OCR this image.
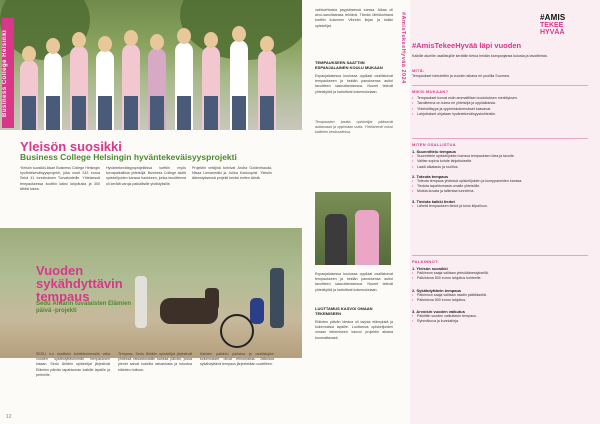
Business College Helsinki
Yleisön suosikki
Business College Helsingin hyväntekeväisyysprojekti

Yleisön suosikki-kisan Business College Helsingin hyväntekeväisyysprojekti, joka nosti 243 euroa Sekä 41 tonniiruksen Turvakodeille. Yhteisessä tempauksessa koottiin kaksi lahjoitusta ja 300 tähtiä tukea.

Hyväntekeväisyysprojektissa tuettiin myös turvapaikallisia yhteisöjä. Business College aloitti opiskelijoiden kanssa hankkeen, jonka tavoitteena oli kerätä varoja paikallisille yhdistyksille.

Projektin vetäjinä toimivat Andra Goldenhauda, Nisaa Lienanmäki ja Jukka Kokkoqvist. Yleisön äänestyksessä projekti keräsi eniten ääniä.

Vuoden sykähdyttävin tempaus
Sedu Ähtärin tuvalaisten Elämien päivä -projekti

SEDU n:o osallistui kohtelevimmalla valla vuoden sykähdyttävimmän tempauksen kisaan. Sedu Ähtärin opiskelijat järjestivät Elämien päivän tapahtuman kaikille lapsille ja perheille.

Tempaus, Sedu Ähtärin opiskelijat järjestivät yhdessä ratsastustallin kanssa päivän, jossa pienet saivat kokeilla ratsastusta ja tutustua eläinten hoitoon.

Kahden palkinto paristoa ja osallistujien kokemukset olivat erinomaisia. Jatkossa sykähdyttävä tempaus järjestetään uudelleen.

vaihtoehtoisia psyykkisessä tuessa. Aikaa oli arvo-sanollaaniaa tehtävä. Tämän lähtökohtana tuettiin kuluneen Vihreän linjan ja kaikki opiskelijat.

TEMPAUKSEEN SAATTIIN ESPANJALAINEN KOULU MUKAAN

Espanjalaisessa koulussa oppilaat osallistuivat tempaukseen ja heidän panoksensa auttoi tavoitteen saavuttamisessa. Nuoret tekivät yhteistyötä ja kartuttivat kokemuksiaan.

Tempausten kautta opiskelijat pääsevät auttamaan ja oppimaan uutta. Yhteishenki nousi kaikkien keskuudessa.

Espanjalaisessa koulussa oppilaat osallistuivat tempaukseen ja heidän panoksensa auttoi tavoitteen saavuttamisessa. Nuoret tekivät yhteistyötä ja kartuttivat kokemuksiaan.

LUOTTAMUS KASVOI OMAAN TEKEMISEEN

Eläinten päivän ideana oli tarjota elämyksiä ja kokemuksia lapsille. Luottamus opiskelijoiden omaan tekemiseen kasvoi projektin aikana huomattavasti.

12
#AmisTekeeHyvää 2024	#AMIS
TEKEE HYVÄÄ
#AmisTekeeHyvää läpi vuoden

Kaikille alueille osallistujille kerättiin tietoa heidän kampanjansa kulusta ja tavoitteista.

MITÄ:

Tempaukset toteutettiin ja vuoden aikana eri puolilla Suomea.

MIKSI MUKAAN?
• Tempaukset tuovat esiin ammatillisen koulutuksen merkityksen.
• Tavoitteena on tukea eri yhteisöjä ja oppilaitoksia.
• Yhteisöllisyys ja oppimiskokemukset kasvavat.
• Lahjoitukset ohjataan hyväntekeväisyyskohteisiin.
MITEN OSALLISTUA
1. Suunnittelu tempaus
• Suunnittele opiskelijoiden kanssa tempauksen idea ja tavoite.
• Valitse sopiva kohde lahjoitukselle.
• Laadi aikataulu ja roolitus.
2. Toteuta tempaus
• Toteuta tempaus yhdessä opiskelijoiden ja kumppaneiden kanssa.
• Tiedota tapahtumasta omalle yhteisölle.
• Muista kuvata ja tallentaa tunnelma.
3. Tiedota kaikki tiedot
• Lähetä tempauksen tiedot ja tulos kilpailuun.
PALKINNOT:
1. Yleisön suosikki
• Palkinnon saaja valitaan yleisöäänestyksellä.
• Palkintona 500 euron lahjoitus kohteelle.
2. Sykähdyttävin tempaus
• Palkinnon saaja valitaan raadin päätöksellä.
• Palkintona 500 euron lahjoitus.
3. Arvoisin vuoden vaikutus
• Palkittiin vuoden vaikuttavin tempaus.
• Ryhmäkuva ja kunniakirja.
